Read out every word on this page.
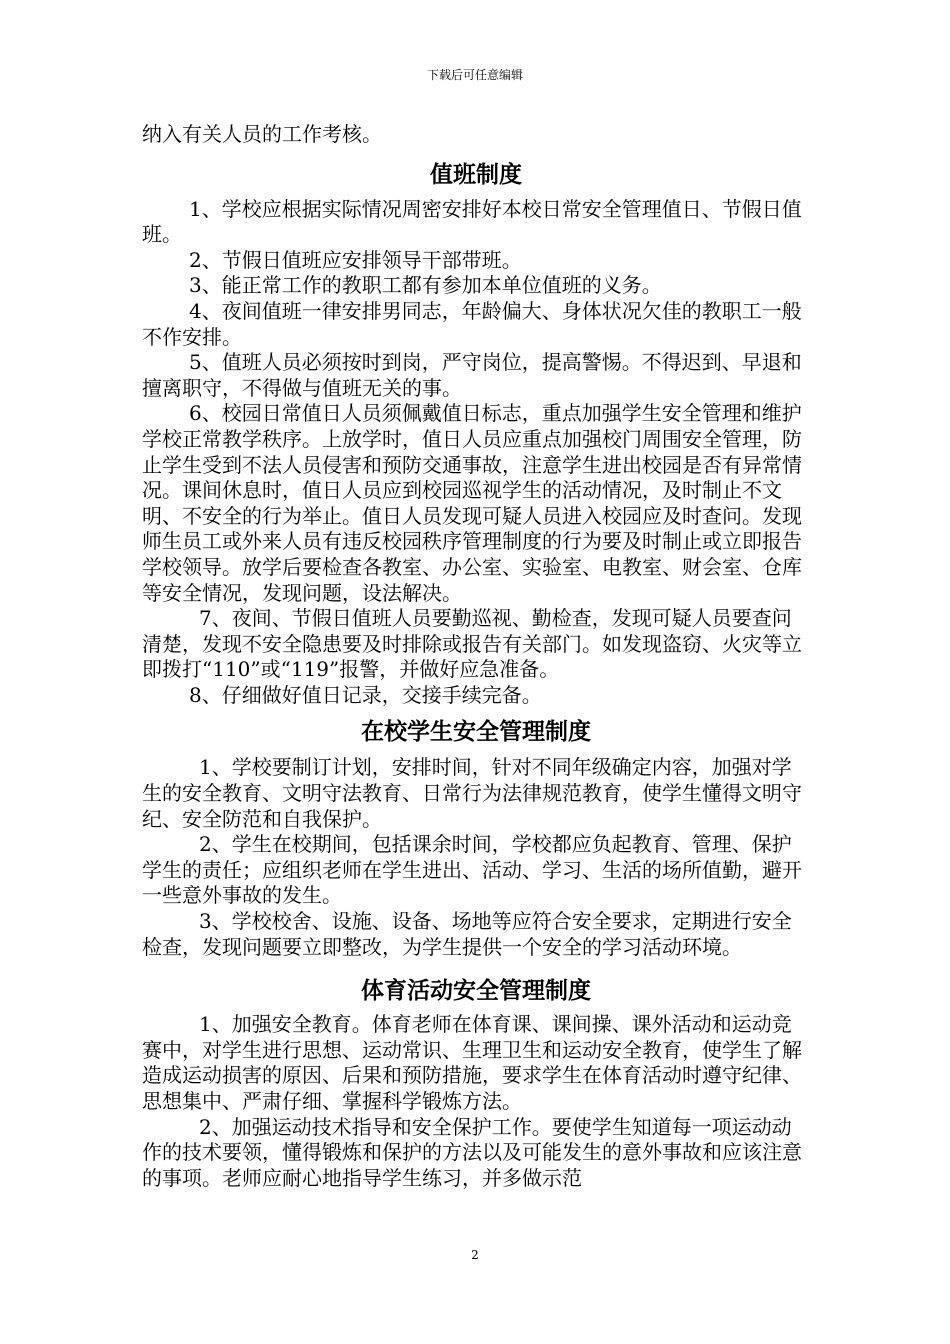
下载后可任意编辑

纳入有关人员的工作考核。

值班制度

1、学校应根据实际情况周密安排好本校日常安全管理值日、节假日值班。

2、节假日值班应安排领导干部带班。

3、能正常工作的教职工都有参加本单位值班的义务。

4、夜间值班一律安排男同志，年龄偏大、身体状况欠佳的教职工一般不作安排。

5、值班人员必须按时到岗，严守岗位，提高警惕。不得迟到、早退和擅离职守，不得做与值班无关的事。

6、校园日常值日人员须佩戴值日标志，重点加强学生安全管理和维护学校正常教学秩序。上放学时，值日人员应重点加强校门周围安全管理，防止学生受到不法人员侵害和预防交通事故，注意学生进出校园是否有异常情况。课间休息时，值日人员应到校园巡视学生的活动情况，及时制止不文明、不安全的行为举止。值日人员发现可疑人员进入校园应及时查问。发现师生员工或外来人员有违反校园秩序管理制度的行为要及时制止或立即报告学校领导。放学后要检查各教室、办公室、实验室、电教室、财会室、仓库等安全情况，发现问题，设法解决。

7、夜间、节假日值班人员要勤巡视、勤检查，发现可疑人员要查问清楚，发现不安全隐患要及时排除或报告有关部门。如发现盗窃、火灾等立即拨打“110”或“119”报警，并做好应急准备。

8、仔细做好值日记录，交接手续完备。

在校学生安全管理制度

1、学校要制订计划，安排时间，针对不同年级确定内容，加强对学生的安全教育、文明守法教育、日常行为法律规范教育，使学生懂得文明守纪、安全防范和自我保护。

2、学生在校期间，包括课余时间，学校都应负起教育、管理、保护学生的责任；应组织老师在学生进出、活动、学习、生活的场所值勤，避开一些意外事故的发生。

3、学校校舍、设施、设备、场地等应符合安全要求，定期进行安全检查，发现问题要立即整改，为学生提供一个安全的学习活动环境。

体育活动安全管理制度

1、加强安全教育。体育老师在体育课、课间操、课外活动和运动竞赛中，对学生进行思想、运动常识、生理卫生和运动安全教育，使学生了解造成运动损害的原因、后果和预防措施，要求学生在体育活动时遵守纪律、思想集中、严肃仔细、掌握科学锻炼方法。

2、加强运动技术指导和安全保护工作。要使学生知道每一项运动动作的技术要领，懂得锻炼和保护的方法以及可能发生的意外事故和应该注意的事项。老师应耐心地指导学生练习，并多做示范

2
